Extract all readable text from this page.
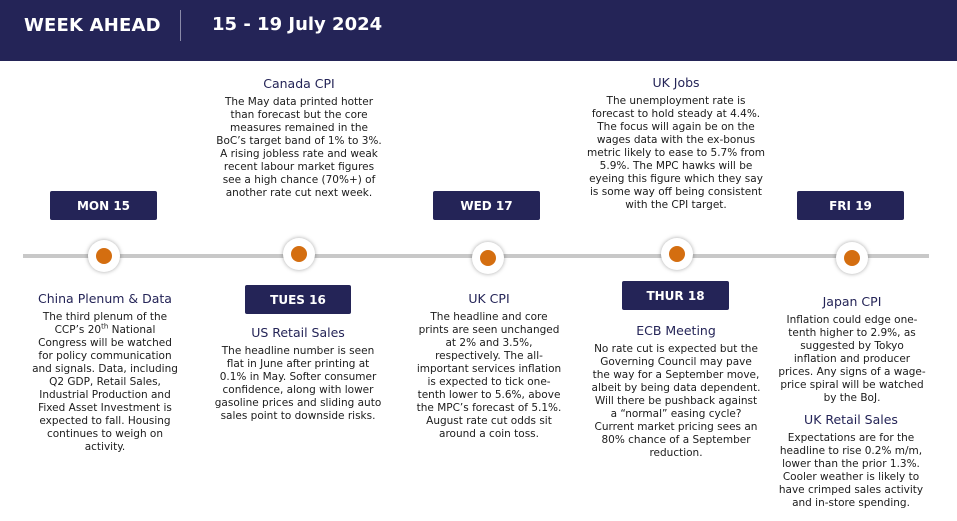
WEEK AHEAD	15 - 19 July 2024
MON 15
TUES 16
WED 17
THUR 18
FRI 19
China Plenum & Data
The third plenum of the CCP’s 20th National Congress will be watched for policy communication and signals. Data, including Q2 GDP, Retail Sales, Industrial Production and Fixed Asset Investment is expected to fall. Housing continues to weigh on activity.
Canada CPI
The May data printed hotter than forecast but the core measures remained in the BoC’s target band of 1% to 3%. A rising jobless rate and weak recent labour market figures see a high chance (70%+) of another rate cut next week.
US Retail Sales
The headline number is seen flat in June after printing at 0.1% in May. Softer consumer confidence, along with lower gasoline prices and sliding auto sales point to downside risks.
UK CPI
The headline and core prints are seen unchanged at 2% and 3.5%, respectively. The all-important services inflation is expected to tick one-tenth lower to 5.6%, above the MPC’s forecast of 5.1%. August rate cut odds sit around a coin toss.
UK Jobs
The unemployment rate is forecast to hold steady at 4.4%. The focus will again be on the wages data with the ex-bonus metric likely to ease to 5.7% from 5.9%. The MPC hawks will be eyeing this figure which they say is some way off being consistent with the CPI target.
ECB Meeting
No rate cut is expected but the Governing Council may pave the way for a September move, albeit by being data dependent. Will there be pushback against a “normal” easing cycle? Current market pricing sees an 80% chance of a September reduction.
Japan CPI
Inflation could edge one-tenth higher to 2.9%, as suggested by Tokyo inflation and producer prices. Any signs of a wage-price spiral will be watched by the BoJ.
UK Retail Sales
Expectations are for the headline to rise 0.2% m/m, lower than the prior 1.3%. Cooler weather is likely to have crimped sales activity and in-store spending.
